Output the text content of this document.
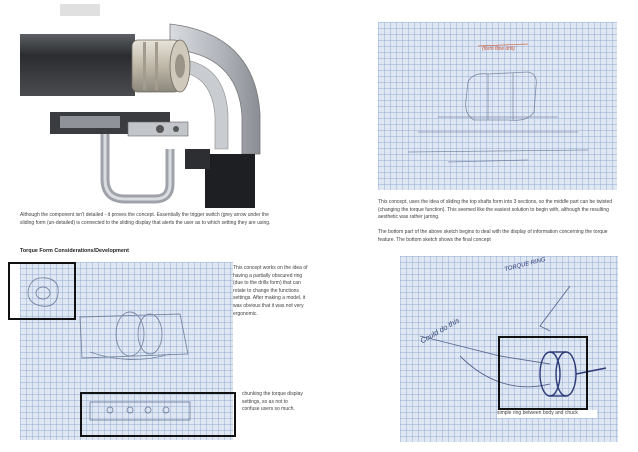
Although the component isn't detailed - it proves the concept. Essentially the trigger switch (grey arrow under the sliding form (un-detailed) is connected to the sliding display that alerts the user as to which setting they are using.
Torque Form Considerations/Development
This concept works on the idea of having a partially obscured ring (due to the drills form) that can rotate to change the functions settings. After making a model, it was obvious that it was not very ergonomic.
chunking the torque display settings, so as not to confuse users so much.
(form flow drill)
This concept, uses the idea of sliding the top shafts form into 3 sections, so the middle part can be twisted (changing the torque function). This seemed like the easiest solution to begin with, although the resulting aesthetic was rather jarring.
The bottom part of the above sketch begins to deal with the display of information concerning the torque feature. The bottom sketch shows the final concept
TORQUE RING
Could do this
simple ring between body and chuck
